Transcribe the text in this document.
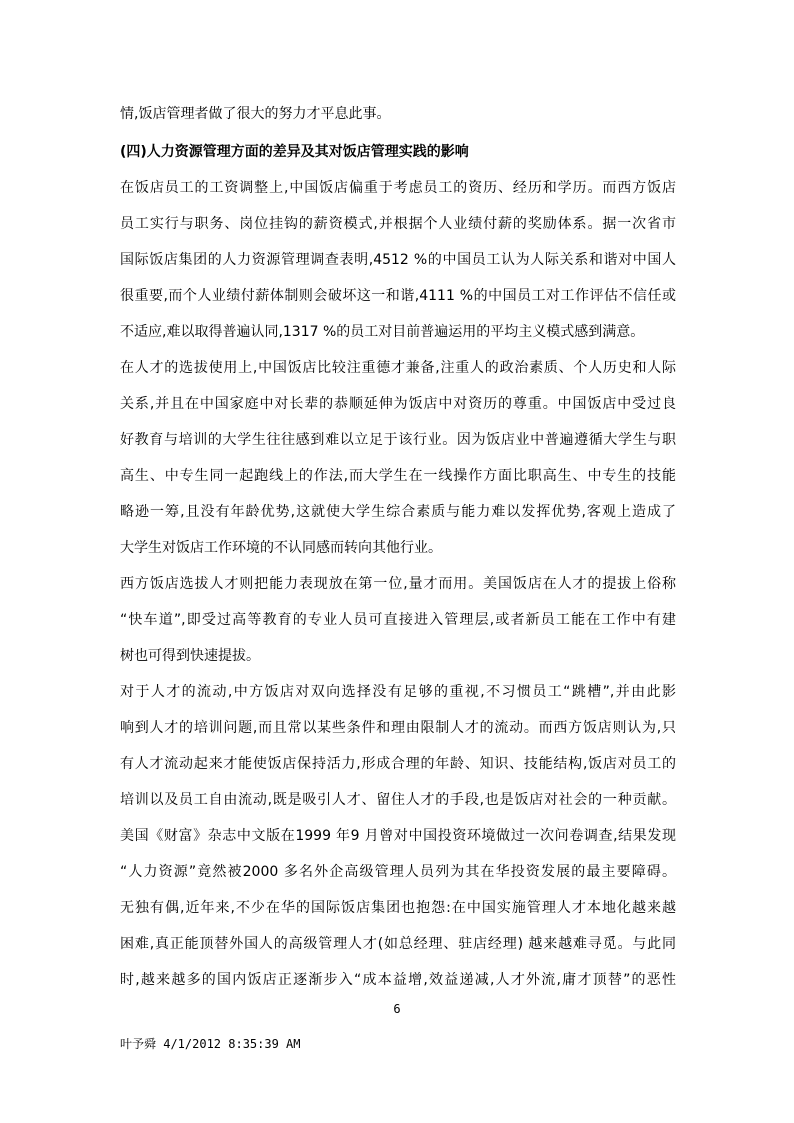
情,饭店管理者做了很大的努力才平息此事。
(四)人力资源管理方面的差异及其对饭店管理实践的影响
在饭店员工的工资调整上,中国饭店偏重于考虑员工的资历、经历和学历。而西方饭店
员工实行与职务、岗位挂钩的薪资模式,并根据个人业绩付薪的奖励体系。据一次省市
国际饭店集团的人力资源管理调查表明,4512 %的中国员工认为人际关系和谐对中国人
很重要,而个人业绩付薪体制则会破坏这一和谐,4111 %的中国员工对工作评估不信任或
不适应,难以取得普遍认同,1317 %的员工对目前普遍运用的平均主义模式感到满意。
在人才的选拔使用上,中国饭店比较注重德才兼备,注重人的政治素质、个人历史和人际
关系,并且在中国家庭中对长辈的恭顺延伸为饭店中对资历的尊重。中国饭店中受过良
好教育与培训的大学生往往感到难以立足于该行业。因为饭店业中普遍遵循大学生与职
高生、中专生同一起跑线上的作法,而大学生在一线操作方面比职高生、中专生的技能
略逊一筹,且没有年龄优势,这就使大学生综合素质与能力难以发挥优势,客观上造成了
大学生对饭店工作环境的不认同感而转向其他行业。
西方饭店选拔人才则把能力表现放在第一位,量才而用。美国饭店在人才的提拔上俗称
“快车道”,即受过高等教育的专业人员可直接进入管理层,或者新员工能在工作中有建
树也可得到快速提拔。
对于人才的流动,中方饭店对双向选择没有足够的重视,不习惯员工“跳槽”,并由此影
响到人才的培训问题,而且常以某些条件和理由限制人才的流动。而西方饭店则认为,只
有人才流动起来才能使饭店保持活力,形成合理的年龄、知识、技能结构,饭店对员工的
培训以及员工自由流动,既是吸引人才、留住人才的手段,也是饭店对社会的一种贡献。
美国《财富》杂志中文版在1999 年9 月曾对中国投资环境做过一次问卷调查,结果发现
“人力资源”竟然被2000 多名外企高级管理人员列为其在华投资发展的最主要障碍。
无独有偶,近年来,不少在华的国际饭店集团也抱怨:在中国实施管理人才本地化越来越
困难,真正能顶替外国人的高级管理人才(如总经理、驻店经理) 越来越难寻觅。与此同
时,越来越多的国内饭店正逐渐步入“成本益增,效益递减,人才外流,庸才顶替”的恶性
6
叶予舜 4/1/2012 8:35:39 AM
